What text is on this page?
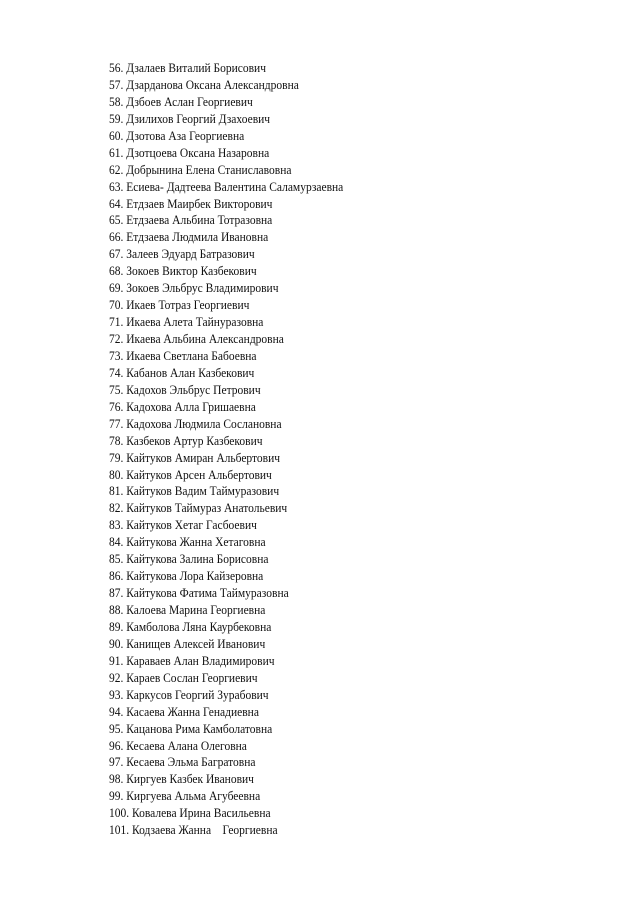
56. Дзалаев Виталий Борисович
57. Дзарданова Оксана Александровна
58. Дзбоев Аслан Георгиевич
59. Дзилихов Георгий Дзахоевич
60. Дзотова Аза Георгиевна
61. Дзотцоева Оксана Назаровна
62. Добрынина Елена Станиславовна
63. Есиева- Дадтеева Валентина Саламурзаевна
64. Етдзаев Маирбек Викторович
65. Етдзаева Альбина Тотразовна
66. Етдзаева Людмила Ивановна
67. Залеев Эдуард Батразович
68. Зокоев Виктор Казбекович
69. Зокоев Эльбрус Владимирович
70. Икаев Тотраз Георгиевич
71. Икаева Алета Тайнуразовна
72. Икаева Альбина Александровна
73. Икаева Светлана Бабоевна
74. Кабанов Алан Казбекович
75. Кадохов Эльбрус Петрович
76. Кадохова Алла Гришаевна
77. Кадохова Людмила Сослановна
78. Казбеков Артур Казбекович
79. Кайтуков Амиран Альбертович
80. Кайтуков Арсен Альбертович
81. Кайтуков Вадим Таймуразович
82. Кайтуков Таймураз Анатольевич
83. Кайтуков Хетаг Гасбоевич
84. Кайтукова Жанна Хетаговна
85. Кайтукова Залина Борисовна
86. Кайтукова Лора Кайзеровна
87. Кайтукова Фатима Таймуразовна
88. Калоева Марина Георгиевна
89. Камболова Ляна Каурбековна
90. Канищев Алексей Иванович
91. Караваев Алан Владимирович
92. Караев Сослан Георгиевич
93. Каркусов Георгий Зурабович
94. Касаева Жанна Генадиевна
95. Кацанова Рима Камболатовна
96. Кесаева Алана Олеговна
97. Кесаева Эльма Багратовна
98. Киргуев Казбек Иванович
99. Киргуева Альма Агубеевна
100. Ковалева Ирина Васильевна
101. Кодзаева Жанна    Георгиевна
